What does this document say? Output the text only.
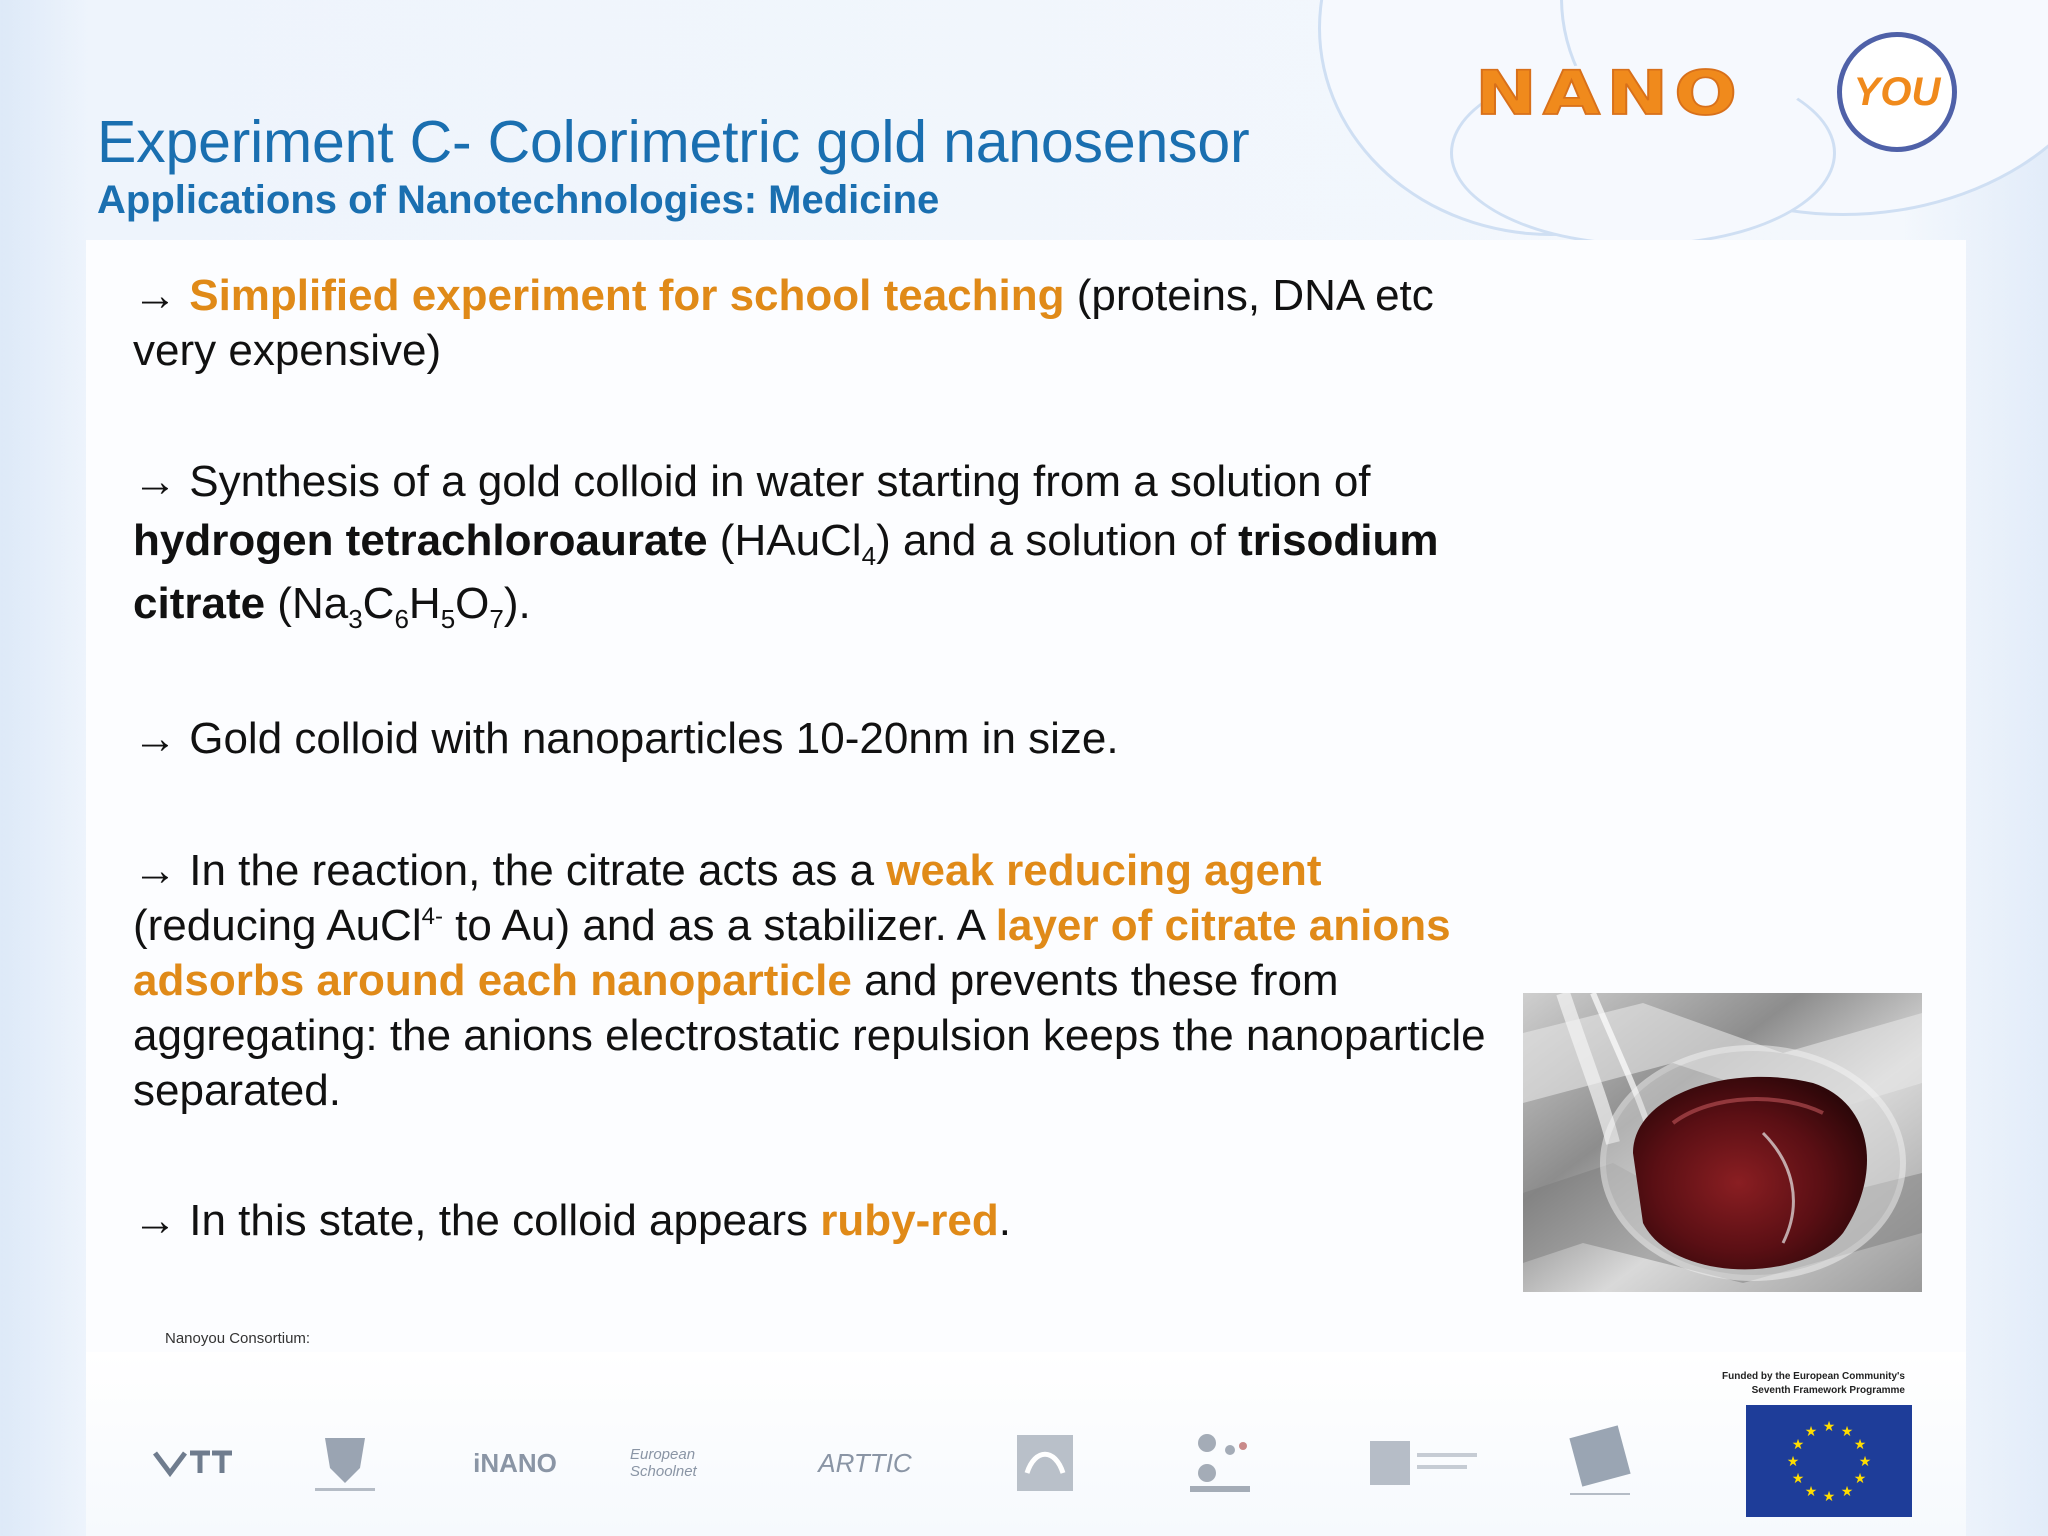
Experiment C- Colorimetric gold nanosensor
Applications of Nanotechnologies: Medicine
NANO	YOU

→ Simplified experiment for school teaching (proteins, DNA etc very expensive)

→ Synthesis of a gold colloid in water starting from a solution of hydrogen tetrachloroaurate (HAuCl$_4$) and a solution of trisodium citrate $(Na_3C_6H_5O_7)$.

→ Gold colloid with nanoparticles 10-20nm in size.

→ In the reaction, the citrate acts as a weak reducing agent (reducing AuCl$^{4-}$ to Au) and as a stabilizer. A layer of citrate anions adsorbs around each nanoparticle and prevents these from aggregating: the anions electrostatic repulsion keeps the nanoparticle separated.

→ In this state, the colloid appears ruby-red.

Nanoyou Consortium:
iNANO	European Schoolnet	ARTTIC
Funded by the European Community's
Seventh Framework Programme
★ ★
★
★
★
★
★
★
★
★
★
★
